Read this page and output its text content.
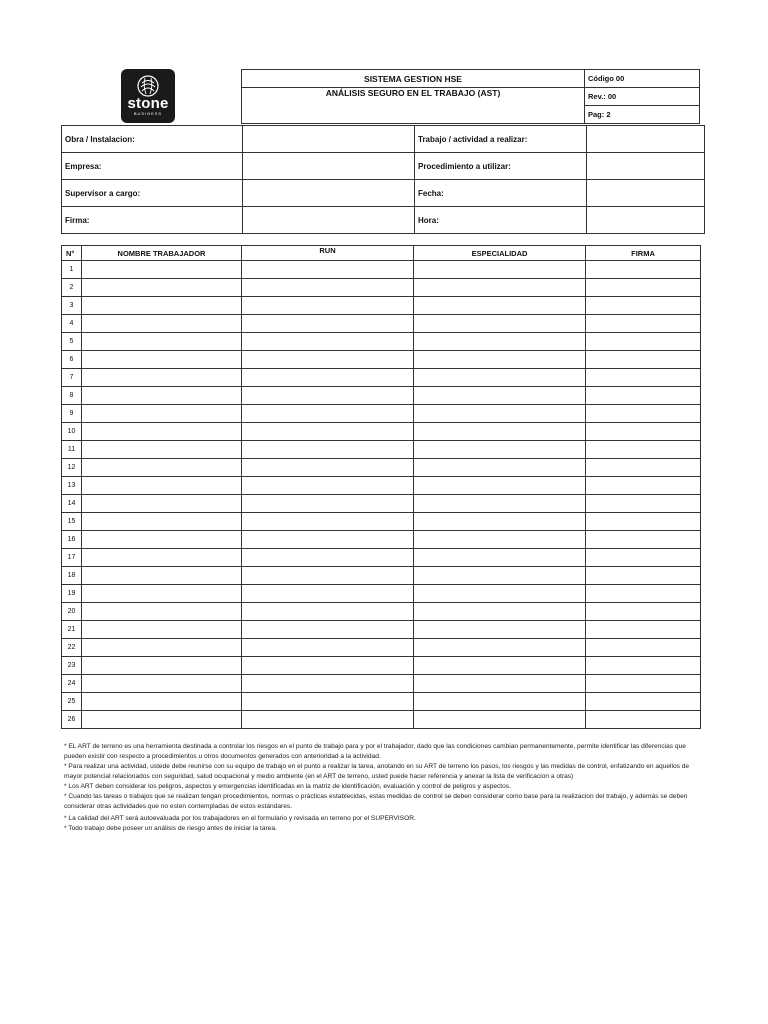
stone
BUSINESS
SISTEMA GESTION HSE	Código 00
ANÁLISIS SEGURO EN EL TRABAJO (AST)	Rev.: 00
	Pag: 2
Obra / Instalacion:		Trabajo / actividad a realizar:	
Empresa:		Procedimiento a utilizar:	
Supervisor a cargo:		Fecha:	
Firma:		Hora:	
N°	NOMBRE TRABAJADOR	RUN	ESPECIALIDAD	FIRMA
1				
2				
3				
4				
5				
6				
7				
8				
9				
10				
11				
12				
13				
14				
15				
16				
17				
18				
19				
20				
21				
22				
23				
24				
25				
26				

* EL ART de terreno es una herramienta destinada a controlar los riesgos en el punto de trabajo para y por el trabajador, dado que las condiciones cambian permanentemente, permite identificar las diferencias que pueden existir con respecto a procedimientos u otros documentos generados con anterioridad a la actividad.

* Para realizar una actividad, ustede debe reunirse con su equipo de trabajo en el punto a realizar la tarea, anotando en su ART de terreno los pasos, los riesgos y las medidas de control, enfatizando en aquellos de mayor potencial relacionados con seguridad, salud ocupacional y medio ambiente (en el ART de terreno, usted puede hacer referencia y anexar la lista de verificacion a otras)

* Los ART deben considerar los peligros, aspectos y emergencias identificadas en la matriz de identificación, evaluación y control de peligros y aspectos.

* Cuando las tareas o trabajos que se realizan tengan procedimientos, normas o prácticas establecidas, estas medidas de control se deben considerar como base para la realizacion del trabajo, y además se deben considerar otras actividades que no esten contempladas de estos estándares.

* La calidad del ART será autoevaluada por los trabajadores en el formulario y revisada en terreno por el SUPERVISOR.

* Todo trabajo debe poseer un análisis de riesgo antes de iniciar la tarea.
